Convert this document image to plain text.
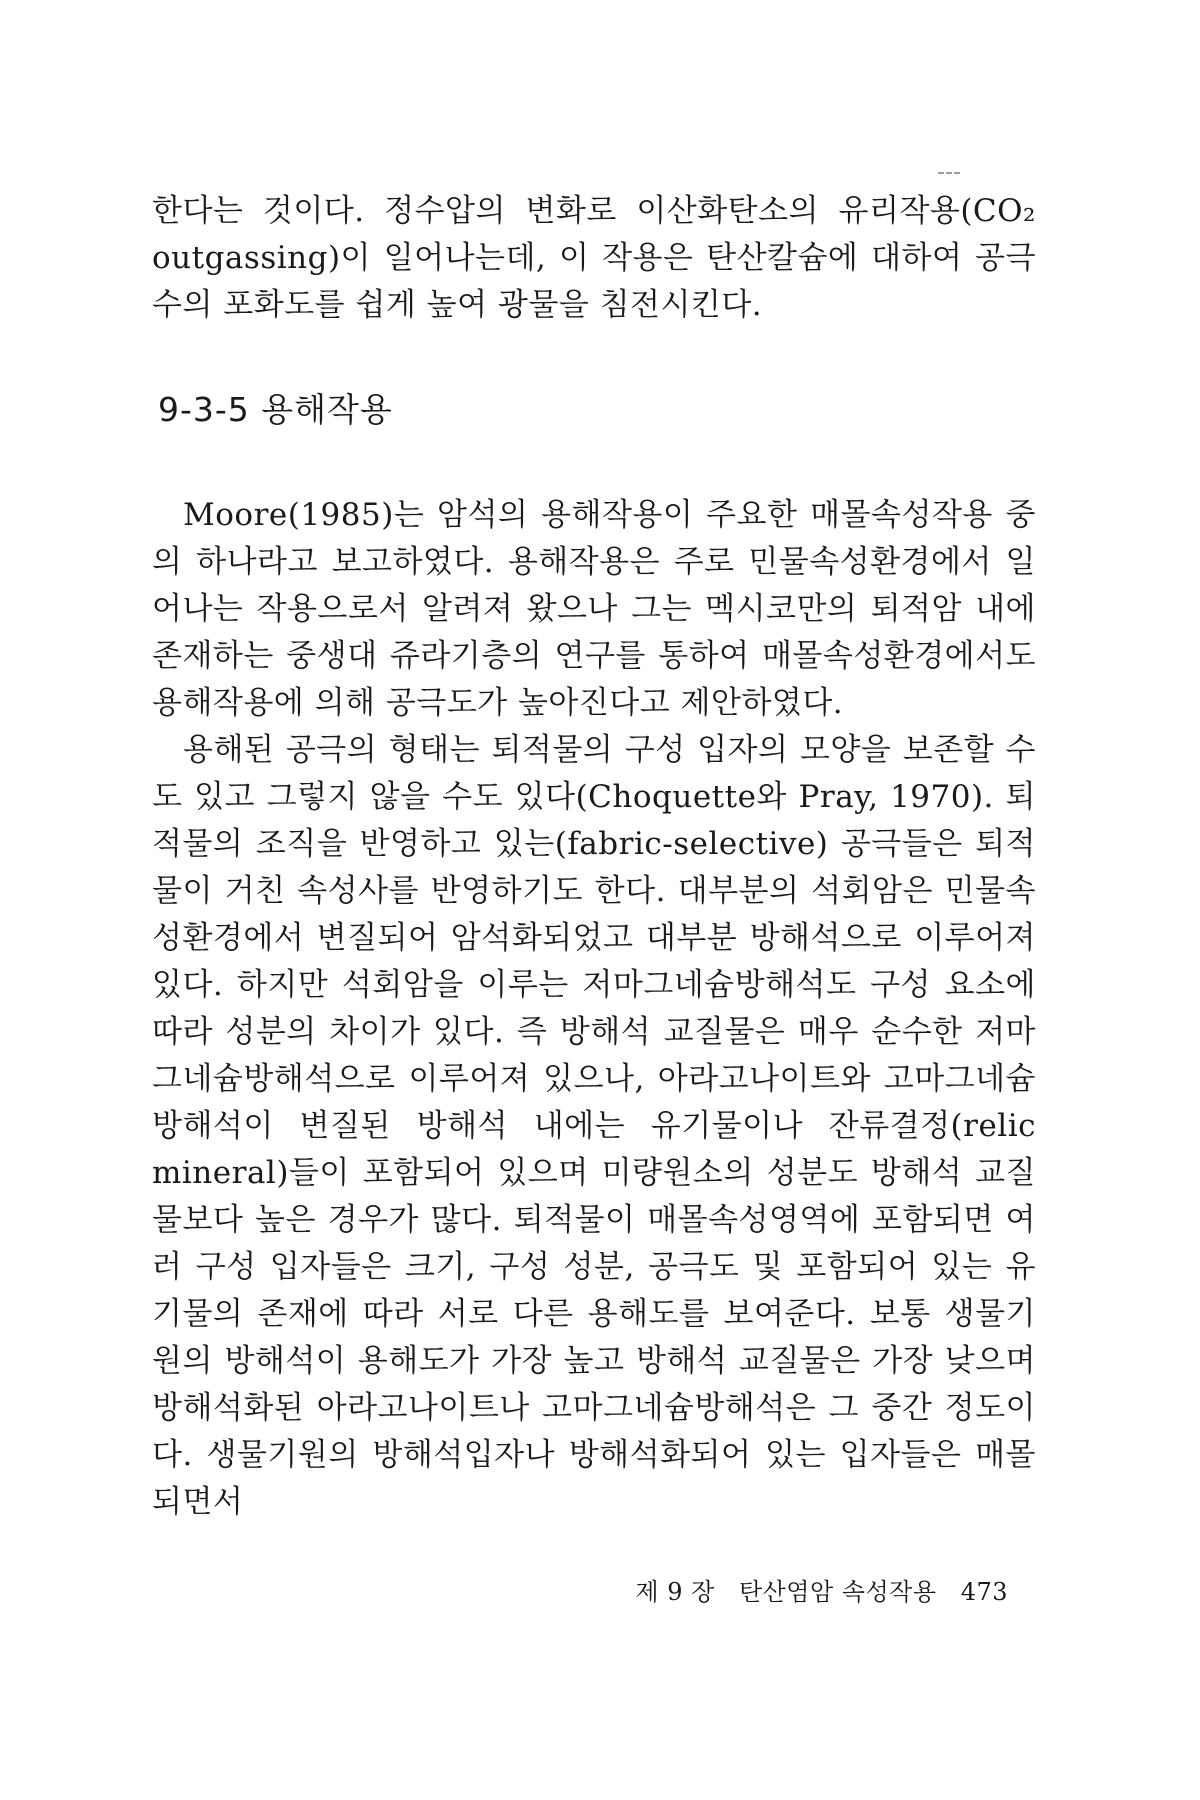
한다는 것이다. 정수압의 변화로 이산화탄소의 유리작용(CO₂ outgassing)이 일어나는데, 이 작용은 탄산칼슘에 대하여 공극수의 포화도를 쉽게 높여 광물을 침전시킨다.
9-3-5 용해작용

Moore(1985)는 암석의 용해작용이 주요한 매몰속성작용 중의 하나라고 보고하였다. 용해작용은 주로 민물속성환경에서 일어나는 작용으로서 알려져 왔으나 그는 멕시코만의 퇴적암 내에 존재하는 중생대 쥬라기층의 연구를 통하여 매몰속성환경에서도 용해작용에 의해 공극도가 높아진다고 제안하였다.

용해된 공극의 형태는 퇴적물의 구성 입자의 모양을 보존할 수도 있고 그렇지 않을 수도 있다(Choquette와 Pray, 1970). 퇴적물의 조직을 반영하고 있는(fabric-selective) 공극들은 퇴적물이 거친 속성사를 반영하기도 한다. 대부분의 석회암은 민물속성환경에서 변질되어 암석화되었고 대부분 방해석으로 이루어져 있다. 하지만 석회암을 이루는 저마그네슘방해석도 구성 요소에 따라 성분의 차이가 있다. 즉 방해석 교질물은 매우 순수한 저마그네슘방해석으로 이루어져 있으나, 아라고나이트와 고마그네슘방해석이 변질된 방해석 내에는 유기물이나 잔류결정(relic mineral)들이 포함되어 있으며 미량원소의 성분도 방해석 교질물보다 높은 경우가 많다. 퇴적물이 매몰속성영역에 포함되면 여러 구성 입자들은 크기, 구성 성분, 공극도 및 포함되어 있는 유기물의 존재에 따라 서로 다른 용해도를 보여준다. 보통 생물기원의 방해석이 용해도가 가장 높고 방해석 교질물은 가장 낮으며 방해석화된 아라고나이트나 고마그네슘방해석은 그 중간 정도이다. 생물기원의 방해석입자나 방해석화되어 있는 입자들은 매몰되면서

제 9 장 탄산염암 속성작용 473
